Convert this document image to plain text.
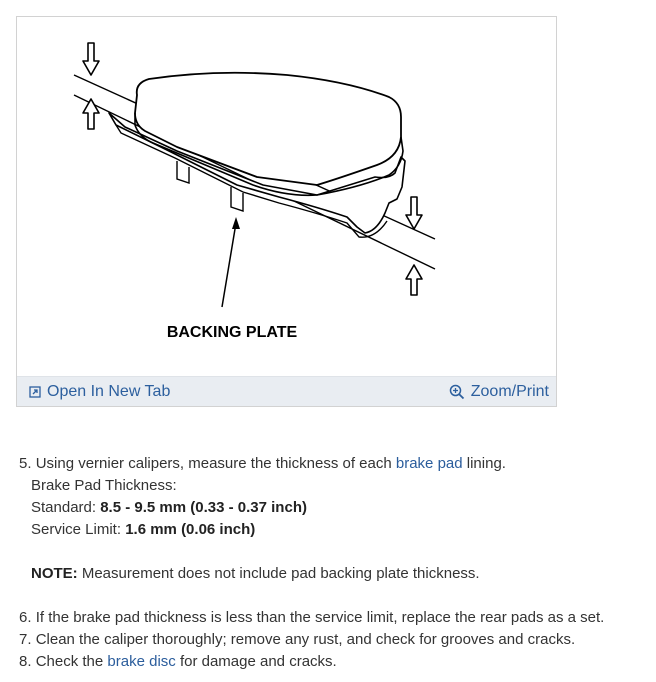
BACKING PLATE
Open In New Tab	Zoom/Print
5. Using vernier calipers, measure the thickness of each brake pad lining.
Brake Pad Thickness:
Standard: 8.5 - 9.5 mm (0.33 - 0.37 inch)
Service Limit: 1.6 mm (0.06 inch)
NOTE: Measurement does not include pad backing plate thickness.
6. If the brake pad thickness is less than the service limit, replace the rear pads as a set.
7. Clean the caliper thoroughly; remove any rust, and check for grooves and cracks.
8. Check the brake disc for damage and cracks.
